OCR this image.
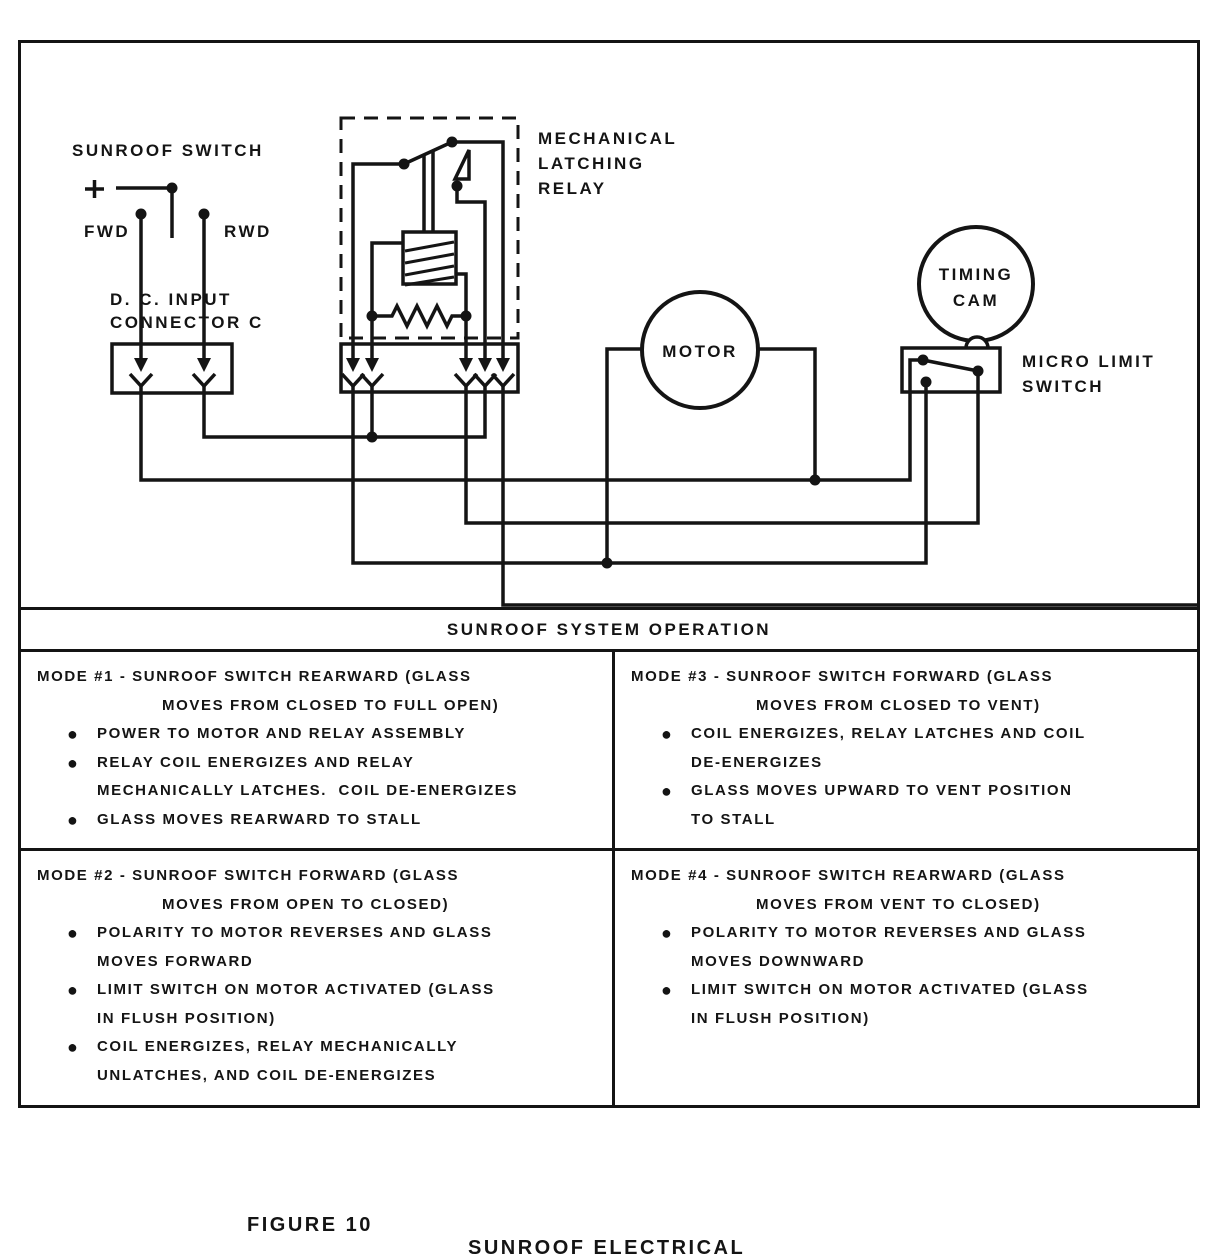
SUNROOF SWITCH
FWD	RWD
D. C. INPUT
CONNECTOR C
MECHANICAL
LATCHING
RELAY
MOTOR
TIMING
CAM
MICRO LIMIT
SWITCH
SUNROOF SYSTEM OPERATION
MODE #1 - SUNROOF SWITCH REARWARD (GLASS
MOVES FROM CLOSED TO FULL OPEN)
●	POWER TO MOTOR AND RELAY ASSEMBLY
●	RELAY COIL ENERGIZES AND RELAY
MECHANICALLY LATCHES.  COIL DE-ENERGIZES
●	GLASS MOVES REARWARD TO STALL
MODE #3 - SUNROOF SWITCH FORWARD (GLASS
MOVES FROM CLOSED TO VENT)
●	COIL ENERGIZES, RELAY LATCHES AND COIL
DE-ENERGIZES
●	GLASS MOVES UPWARD TO VENT POSITION
TO STALL
MODE #2 - SUNROOF SWITCH FORWARD (GLASS
MOVES FROM OPEN TO CLOSED)
●	POLARITY TO MOTOR REVERSES AND GLASS
MOVES FORWARD
●	LIMIT SWITCH ON MOTOR ACTIVATED (GLASS
IN FLUSH POSITION)
●	COIL ENERGIZES, RELAY MECHANICALLY
UNLATCHES, AND COIL DE-ENERGIZES
MODE #4 - SUNROOF SWITCH REARWARD (GLASS
MOVES FROM VENT TO CLOSED)
●	POLARITY TO MOTOR REVERSES AND GLASS
MOVES DOWNWARD
●	LIMIT SWITCH ON MOTOR ACTIVATED (GLASS
IN FLUSH POSITION)

FIGURE 10

SUNROOF ELECTRICAL
